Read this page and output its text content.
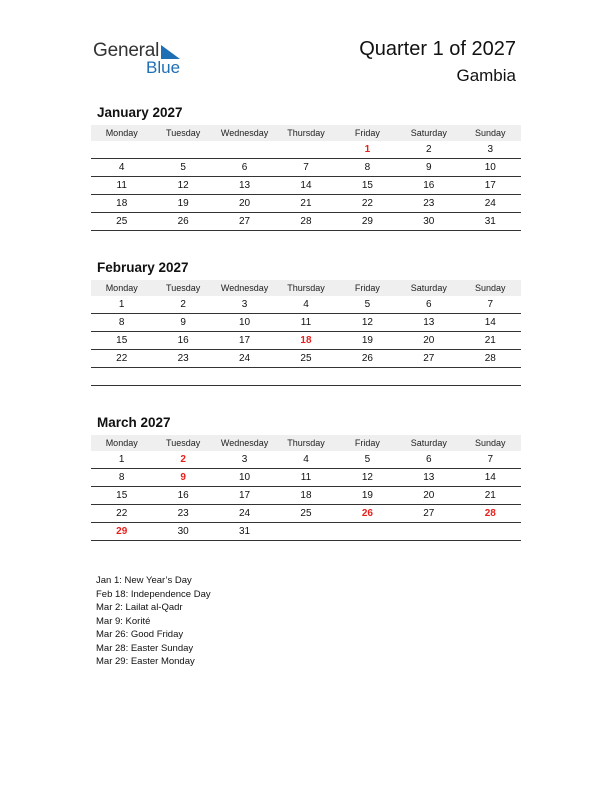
General
Blue
Quarter 1 of 2027
Gambia
January 2027
Monday	Tuesday	Wednesday	Thursday	Friday	Saturday	Sunday
				1	2	3
4	5	6	7	8	9	10
11	12	13	14	15	16	17
18	19	20	21	22	23	24
25	26	27	28	29	30	31
February 2027
Monday	Tuesday	Wednesday	Thursday	Friday	Saturday	Sunday
1	2	3	4	5	6	7
8	9	10	11	12	13	14
15	16	17	18	19	20	21
22	23	24	25	26	27	28

March 2027
Monday	Tuesday	Wednesday	Thursday	Friday	Saturday	Sunday
1	2	3	4	5	6	7
8	9	10	11	12	13	14
15	16	17	18	19	20	21
22	23	24	25	26	27	28
29	30	31				
Jan 1: New Year’s Day
Feb 18: Independence Day
Mar 2: Lailat al-Qadr
Mar 9: Korité
Mar 26: Good Friday
Mar 28: Easter Sunday
Mar 29: Easter Monday
